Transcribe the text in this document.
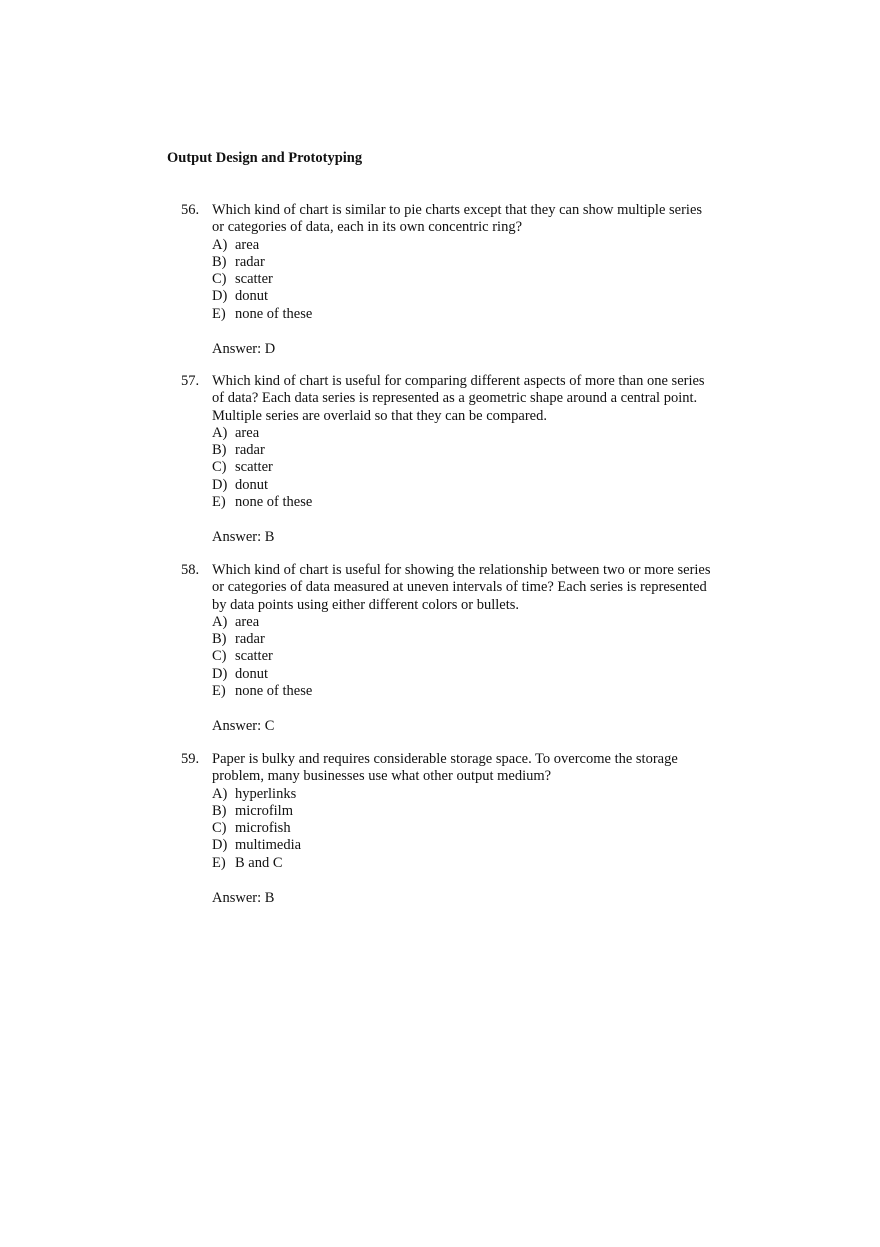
Output Design and Prototyping
56. Which kind of chart is similar to pie charts except that they can show multiple series
or categories of data, each in its own concentric ring?

A) area
B) radar
C) scatter
D) donut
E) none of these
Answer: D
57. Which kind of chart is useful for comparing different aspects of more than one series
of data? Each data series is represented as a geometric shape around a central point.
Multiple series are overlaid so that they can be compared.

A) area
B) radar
C) scatter
D) donut
E) none of these
Answer: B
58. Which kind of chart is useful for showing the relationship between two or more series
or categories of data measured at uneven intervals of time? Each series is represented
by data points using either different colors or bullets.

A) area
B) radar
C) scatter
D) donut
E) none of these
Answer: C
59. Paper is bulky and requires considerable storage space. To overcome the storage
problem, many businesses use what other output medium?

A) hyperlinks
B) microfilm
C) microfish
D) multimedia
E) B and C
Answer: B
